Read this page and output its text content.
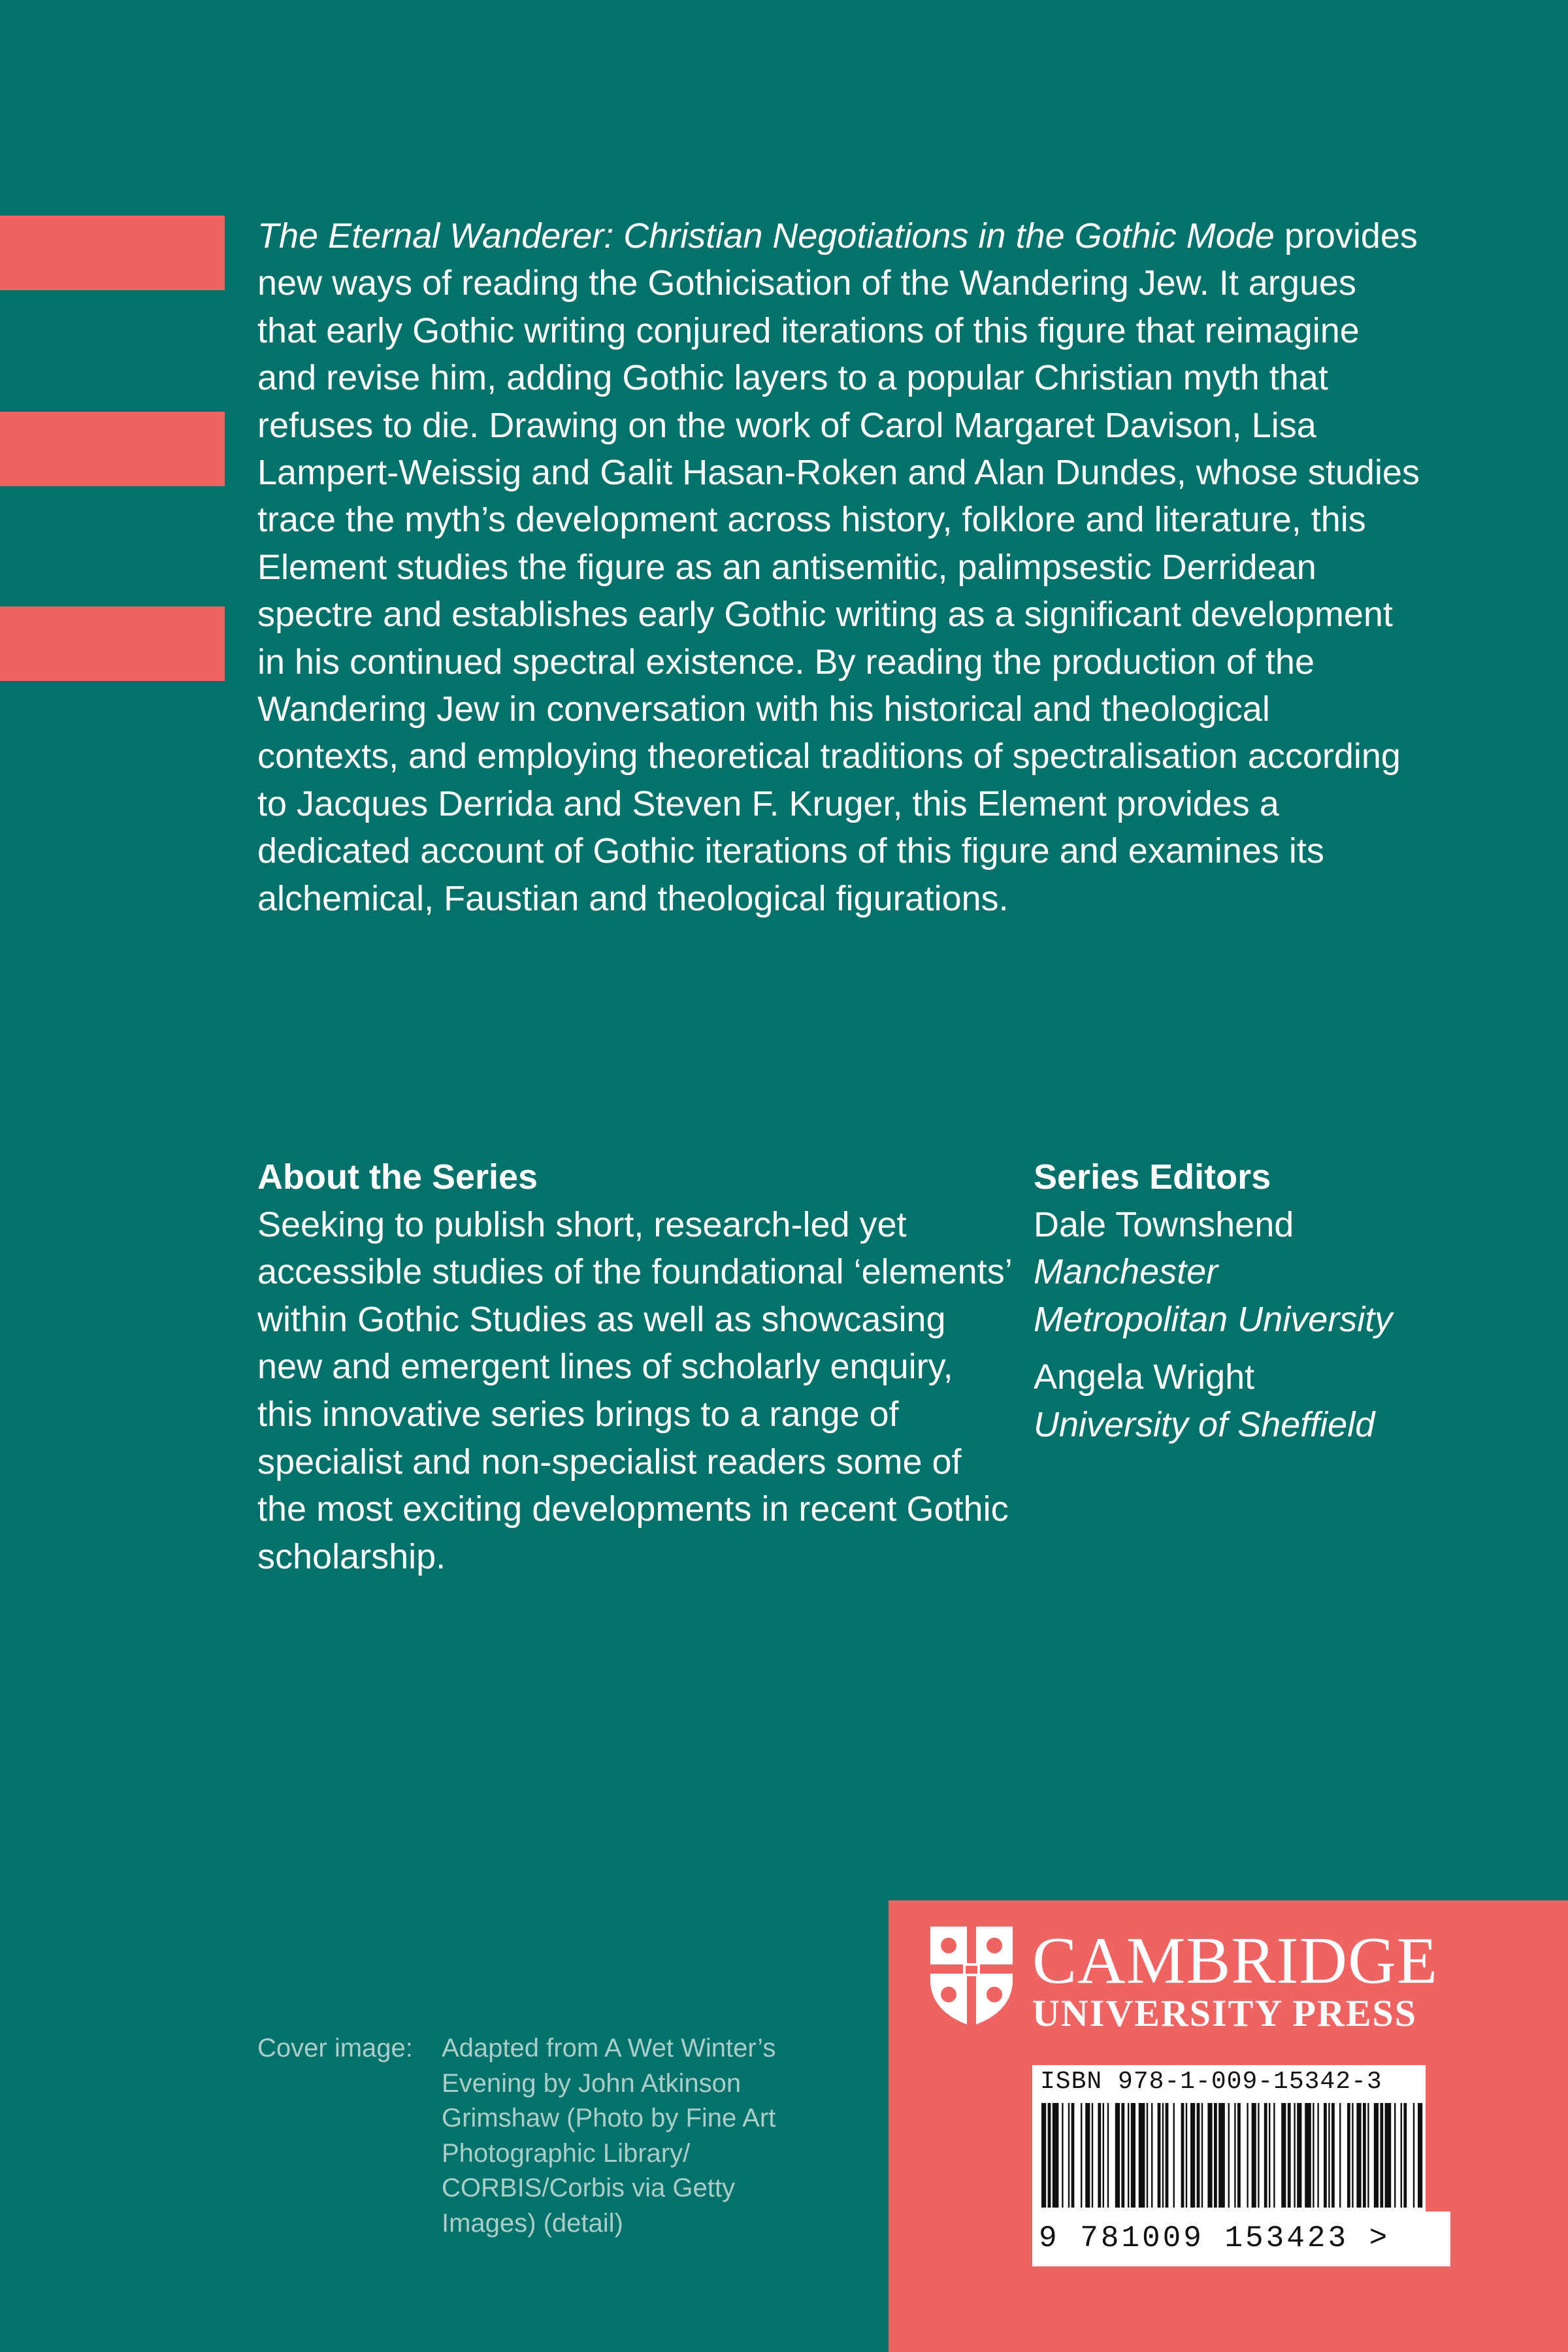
The Eternal Wanderer: Christian Negotiations in the Gothic Mode provides new ways of reading the Gothicisation of the Wandering Jew. It argues that early Gothic writing conjured iterations of this figure that reimagine and revise him, adding Gothic layers to a popular Christian myth that refuses to die. Drawing on the work of Carol Margaret Davison, Lisa Lampert-Weissig and Galit Hasan-Roken and Alan Dundes, whose studies trace the myth’s development across history, folklore and literature, this Element studies the figure as an antisemitic, palimpsestic Derridean spectre and establishes early Gothic writing as a significant development in his continued spectral existence. By reading the production of the Wandering Jew in conversation with his historical and theological contexts, and employing theoretical traditions of spectralisation according to Jacques Derrida and Steven F. Kruger, this Element provides a dedicated account of Gothic iterations of this figure and examines its alchemical, Faustian and theological figurations.

About the Series
Seeking to publish short, research-led yet accessible studies of the foundational ‘elements’ within Gothic Studies as well as showcasing new and emergent lines of scholarly enquiry, this innovative series brings to a range of specialist and non-specialist readers some of the most exciting developments in recent Gothic scholarship.
Series Editors
Dale Townshend
Manchester Metropolitan University
Angela Wright
University of Sheffield
Cover image: Adapted from A Wet Winter’s Evening by John Atkinson Grimshaw (Photo by Fine Art Photographic Library/ CORBIS/Corbis via Getty Images) (detail)
CAMBRIDGE
UNIVERSITY PRESS
ISBN 978-1-009-15342-3
9 781009 153423 >
